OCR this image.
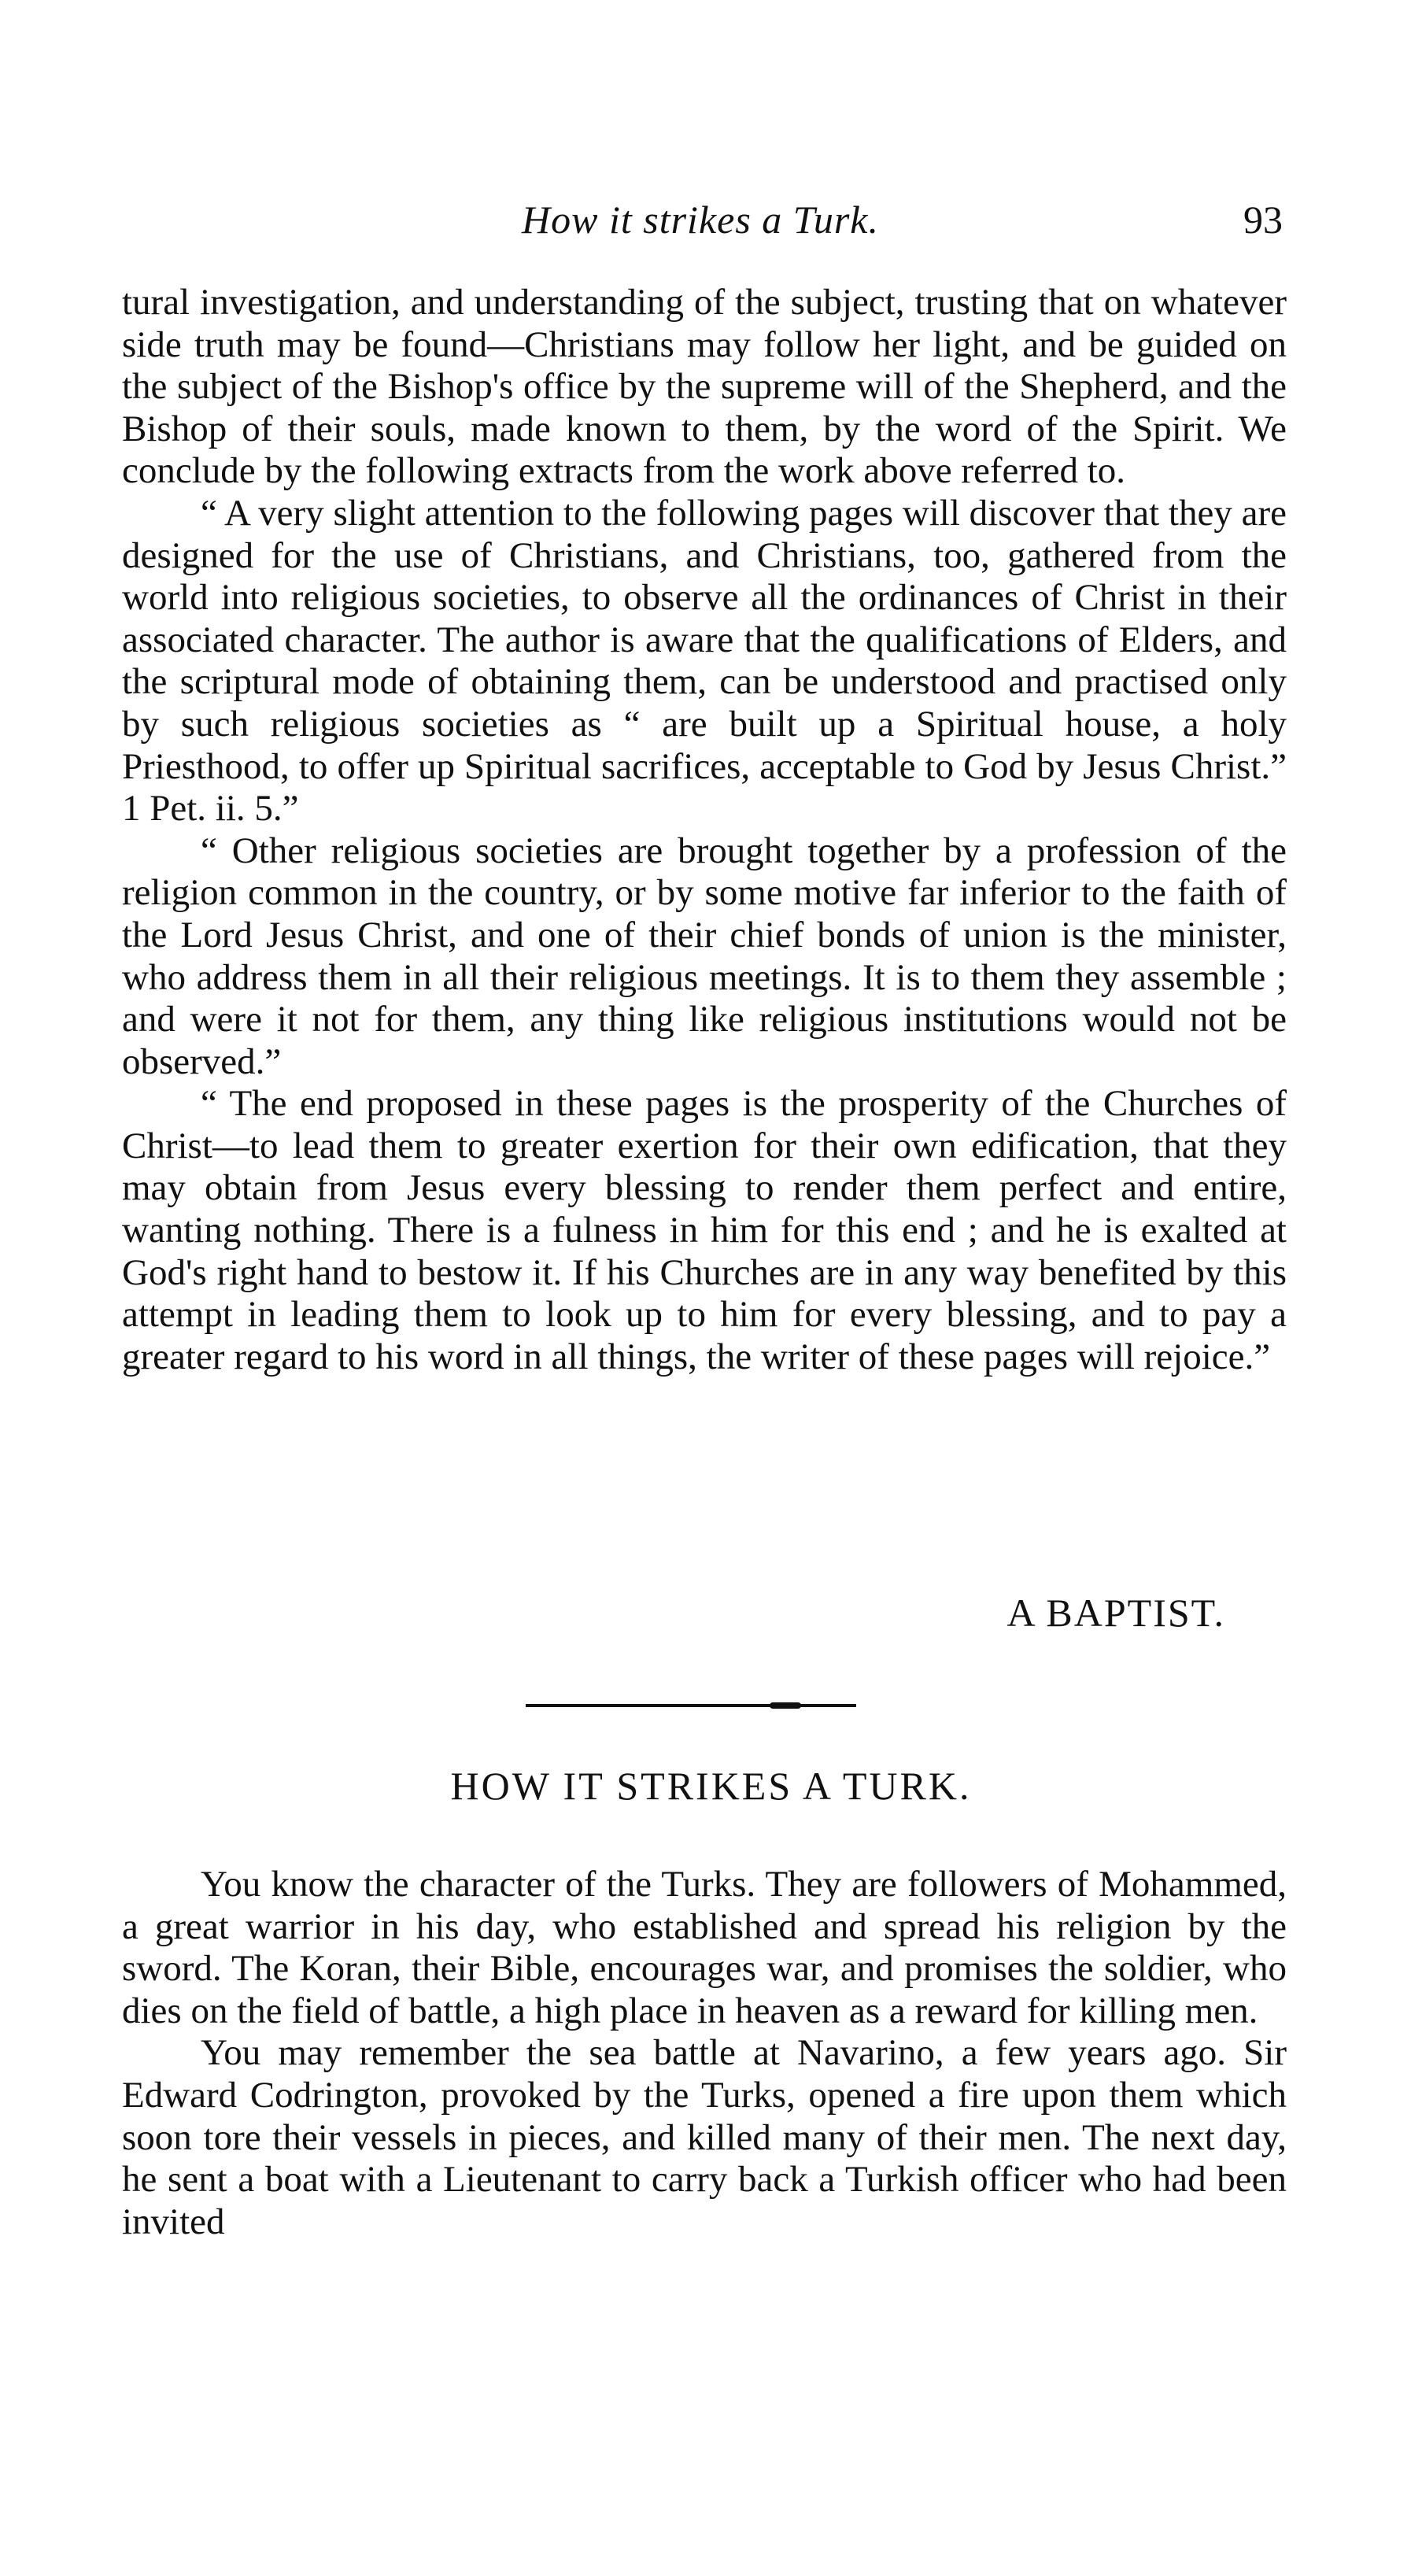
How it strikes a Turk.	93

tural investigation, and understanding of the subject, trusting that on whatever side truth may be found—Christians may follow her light, and be guided on the subject of the Bishop's office by the supreme will of the Shepherd, and the Bishop of their souls, made known to them, by the word of the Spirit. We conclude by the following extracts from the work above referred to.

“ A very slight attention to the following pages will discover that they are designed for the use of Christians, and Christians, too, gathered from the world into religious societies, to observe all the ordinances of Christ in their associated character. The author is aware that the qualifications of Elders, and the scriptural mode of obtaining them, can be understood and practised only by such religious societies as “ are built up a Spiritual house, a holy Priesthood, to offer up Spiritual sacrifices, acceptable to God by Jesus Christ.” 1 Pet. ii. 5.”

“ Other religious societies are brought together by a profession of the religion common in the country, or by some motive far inferior to the faith of the Lord Jesus Christ, and one of their chief bonds of union is the minister, who address them in all their religious meetings. It is to them they assemble ; and were it not for them, any thing like religious institutions would not be observed.”

“ The end proposed in these pages is the prosperity of the Churches of Christ—to lead them to greater exertion for their own edification, that they may obtain from Jesus every blessing to render them perfect and entire, wanting nothing. There is a fulness in him for this end ; and he is exalted at God's right hand to bestow it. If his Churches are in any way benefited by this attempt in leading them to look up to him for every blessing, and to pay a greater regard to his word in all things, the writer of these pages will rejoice.”

A BAPTIST.
HOW IT STRIKES A TURK.

You know the character of the Turks. They are followers of Mohammed, a great warrior in his day, who established and spread his religion by the sword. The Koran, their Bible, encourages war, and promises the soldier, who dies on the field of battle, a high place in heaven as a reward for killing men.

You may remember the sea battle at Navarino, a few years ago. Sir Edward Codrington, provoked by the Turks, opened a fire upon them which soon tore their vessels in pieces, and killed many of their men. The next day, he sent a boat with a Lieutenant to carry back a Turkish officer who had been invited
